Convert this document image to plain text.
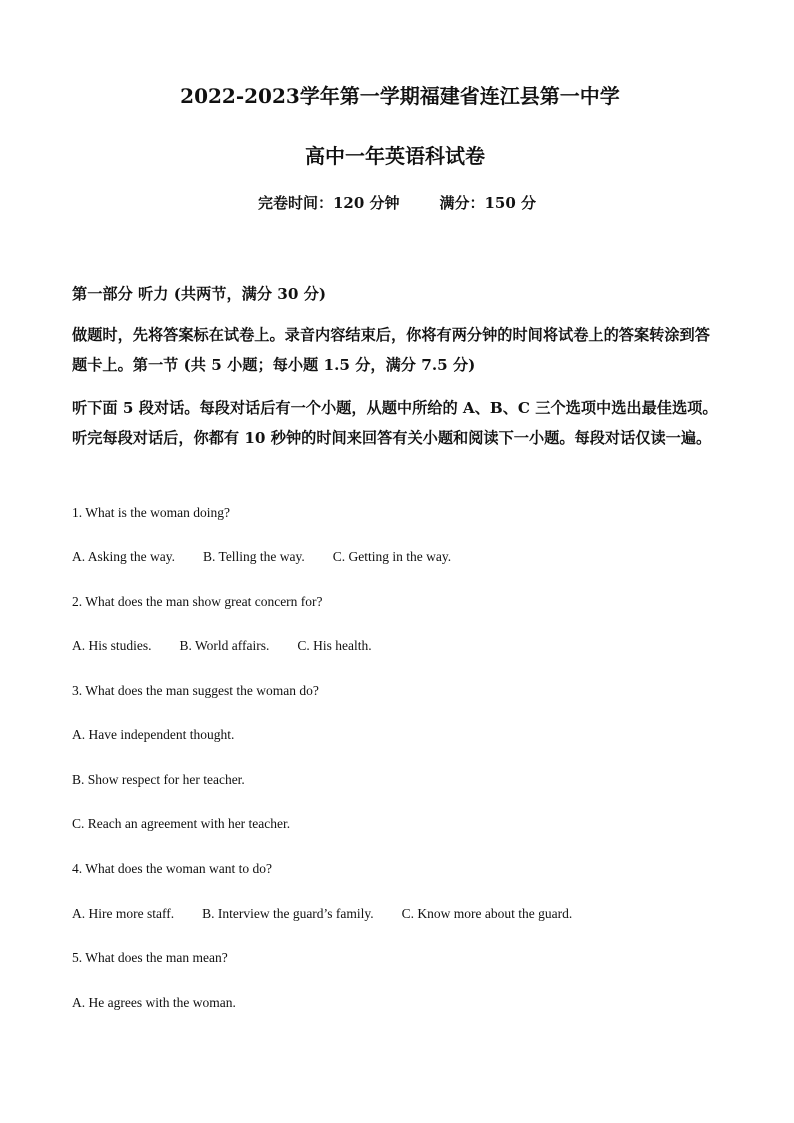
2022-2023学年第一学期福建省连江县第一中学
高中一年英语科试卷
完卷时间：120 分钟	满分：150 分
第一部分 听力 (共两节，满分 30 分)
做题时，先将答案标在试卷上。录音内容结束后，你将有两分钟的时间将试卷上的答案转涂到答题卡上。第一节 (共 5 小题；每小题 1.5 分，满分 7.5 分)
听下面 5 段对话。每段对话后有一个小题，从题中所给的 A、B、C 三个选项中选出最佳选项。听完每段对话后，你都有 10 秒钟的时间来回答有关小题和阅读下一小题。每段对话仅读一遍。
1. What is the woman doing?
A. Asking the way. B. Telling the way. C. Getting in the way.
2. What does the man show great concern for?
A. His studies. B. World affairs. C. His health.
3. What does the man suggest the woman do?
A. Have independent thought.
B. Show respect for her teacher.
C. Reach an agreement with her teacher.
4. What does the woman want to do?
A. Hire more staff. B. Interview the guard’s family. C. Know more about the guard.
5. What does the man mean?
A. He agrees with the woman.
